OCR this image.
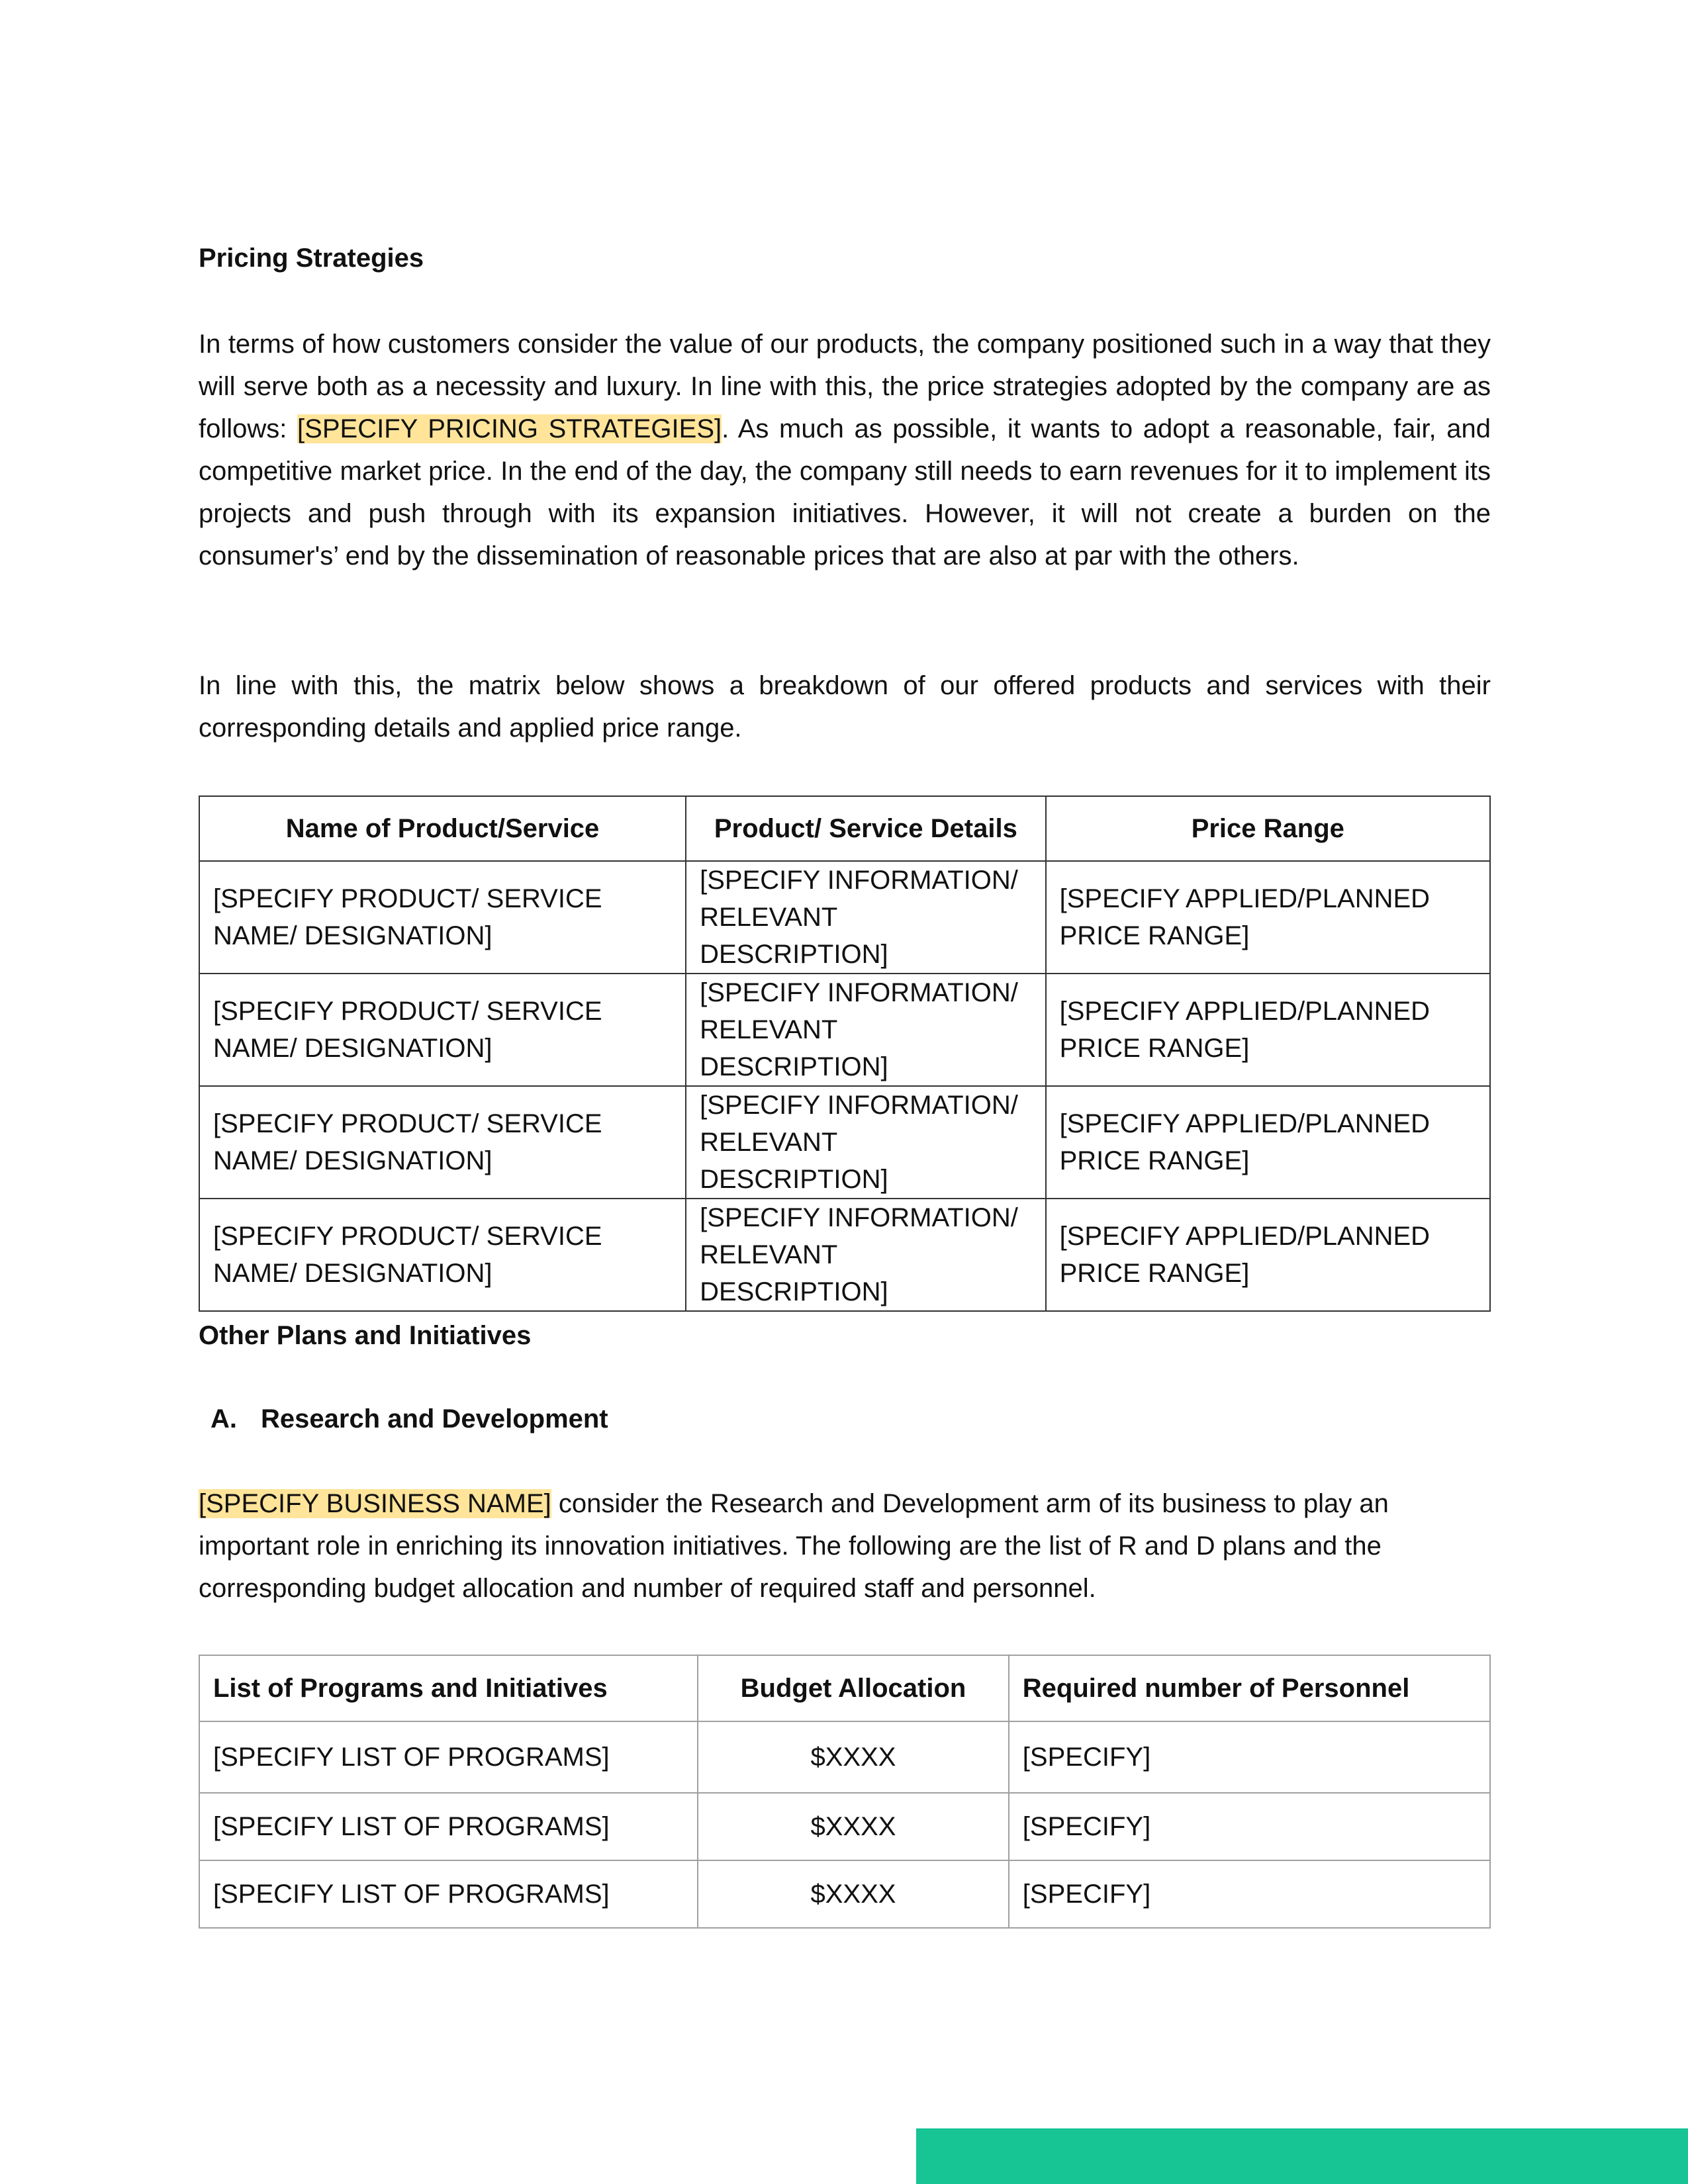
Pricing Strategies

In terms of how customers consider the value of our products, the company positioned such in a way that they will serve both as a necessity and luxury. In line with this, the price strategies adopted by the company are as follows: [SPECIFY PRICING STRATEGIES]. As much as possible, it wants to adopt a reasonable, fair, and competitive market price. In the end of the day, the company still needs to earn revenues for it to implement its projects and push through with its expansion initiatives. However, it will not create a burden on the consumer's’ end by the dissemination of reasonable prices that are also at par with the others.

In line with this, the matrix below shows a breakdown of our offered products and services with their corresponding details and applied price range.

Name of Product/Service	Product/ Service Details	Price Range
[SPECIFY PRODUCT/ SERVICE NAME/ DESIGNATION]	[SPECIFY INFORMATION/ RELEVANT DESCRIPTION]	[SPECIFY APPLIED/PLANNED PRICE RANGE]
[SPECIFY PRODUCT/ SERVICE NAME/ DESIGNATION]	[SPECIFY INFORMATION/ RELEVANT DESCRIPTION]	[SPECIFY APPLIED/PLANNED PRICE RANGE]
[SPECIFY PRODUCT/ SERVICE NAME/ DESIGNATION]	[SPECIFY INFORMATION/ RELEVANT DESCRIPTION]	[SPECIFY APPLIED/PLANNED PRICE RANGE]
[SPECIFY PRODUCT/ SERVICE NAME/ DESIGNATION]	[SPECIFY INFORMATION/ RELEVANT DESCRIPTION]	[SPECIFY APPLIED/PLANNED PRICE RANGE]
Other Plans and Initiatives
A. Research and Development

[SPECIFY BUSINESS NAME] consider the Research and Development arm of its business to play an important role in enriching its innovation initiatives. The following are the list of R and D plans and the corresponding budget allocation and number of required staff and personnel.

List of Programs and Initiatives	Budget Allocation	Required number of Personnel
[SPECIFY LIST OF PROGRAMS]	$XXXX	[SPECIFY]
[SPECIFY LIST OF PROGRAMS]	$XXXX	[SPECIFY]
[SPECIFY LIST OF PROGRAMS]	$XXXX	[SPECIFY]
